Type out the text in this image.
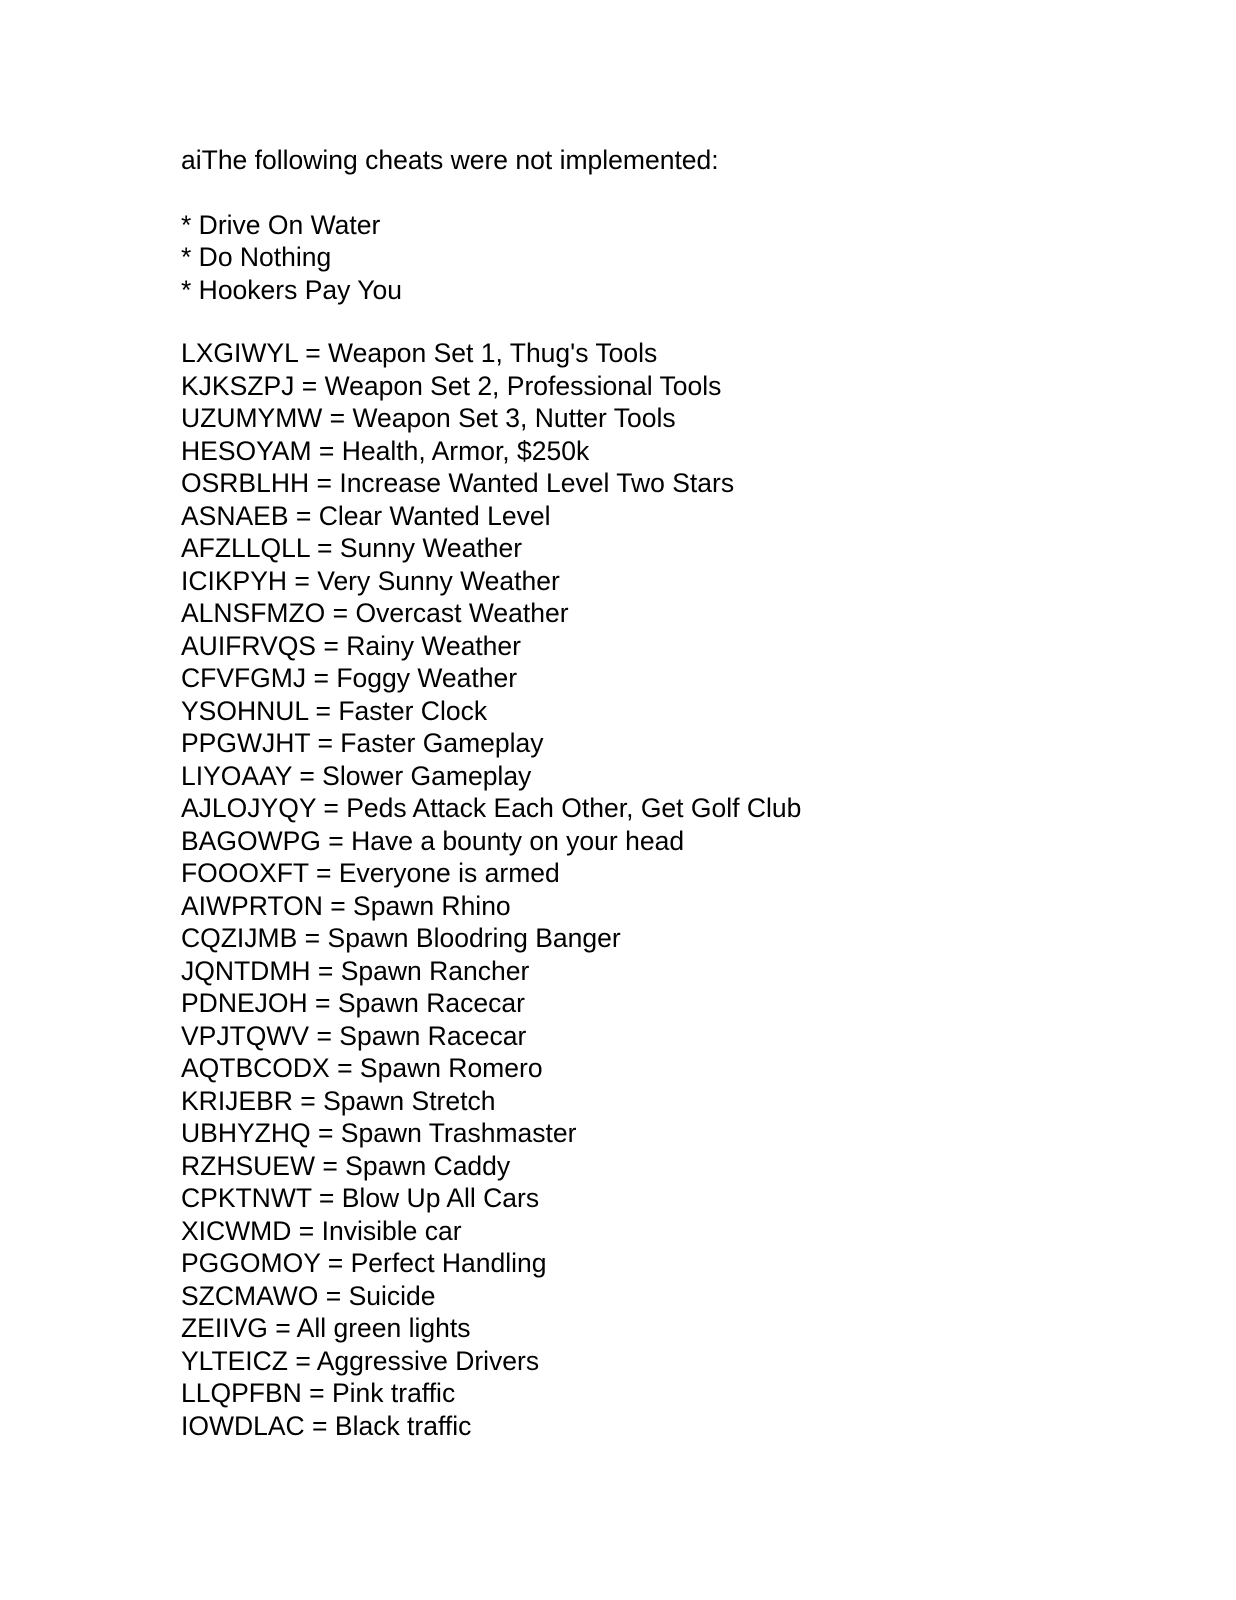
aiThe following cheats were not implemented:

* Drive On Water
* Do Nothing
* Hookers Pay You
LXGIWYL = Weapon Set 1, Thug's Tools
KJKSZPJ = Weapon Set 2, Professional Tools
UZUMYMW = Weapon Set 3, Nutter Tools
HESOYAM = Health, Armor, $250k
OSRBLHH = Increase Wanted Level Two Stars
ASNAEB = Clear Wanted Level
AFZLLQLL = Sunny Weather
ICIKPYH = Very Sunny Weather
ALNSFMZO = Overcast Weather
AUIFRVQS = Rainy Weather
CFVFGMJ = Foggy Weather
YSOHNUL = Faster Clock
PPGWJHT = Faster Gameplay
LIYOAAY = Slower Gameplay
AJLOJYQY = Peds Attack Each Other, Get Golf Club
BAGOWPG = Have a bounty on your head
FOOOXFT = Everyone is armed
AIWPRTON = Spawn Rhino
CQZIJMB = Spawn Bloodring Banger
JQNTDMH = Spawn Rancher
PDNEJOH = Spawn Racecar
VPJTQWV = Spawn Racecar
AQTBCODX = Spawn Romero
KRIJEBR = Spawn Stretch
UBHYZHQ = Spawn Trashmaster
RZHSUEW = Spawn Caddy
CPKTNWT = Blow Up All Cars
XICWMD = Invisible car
PGGOMOY = Perfect Handling
SZCMAWO = Suicide
ZEIIVG = All green lights
YLTEICZ = Aggressive Drivers
LLQPFBN = Pink traffic
IOWDLAC = Black traffic
